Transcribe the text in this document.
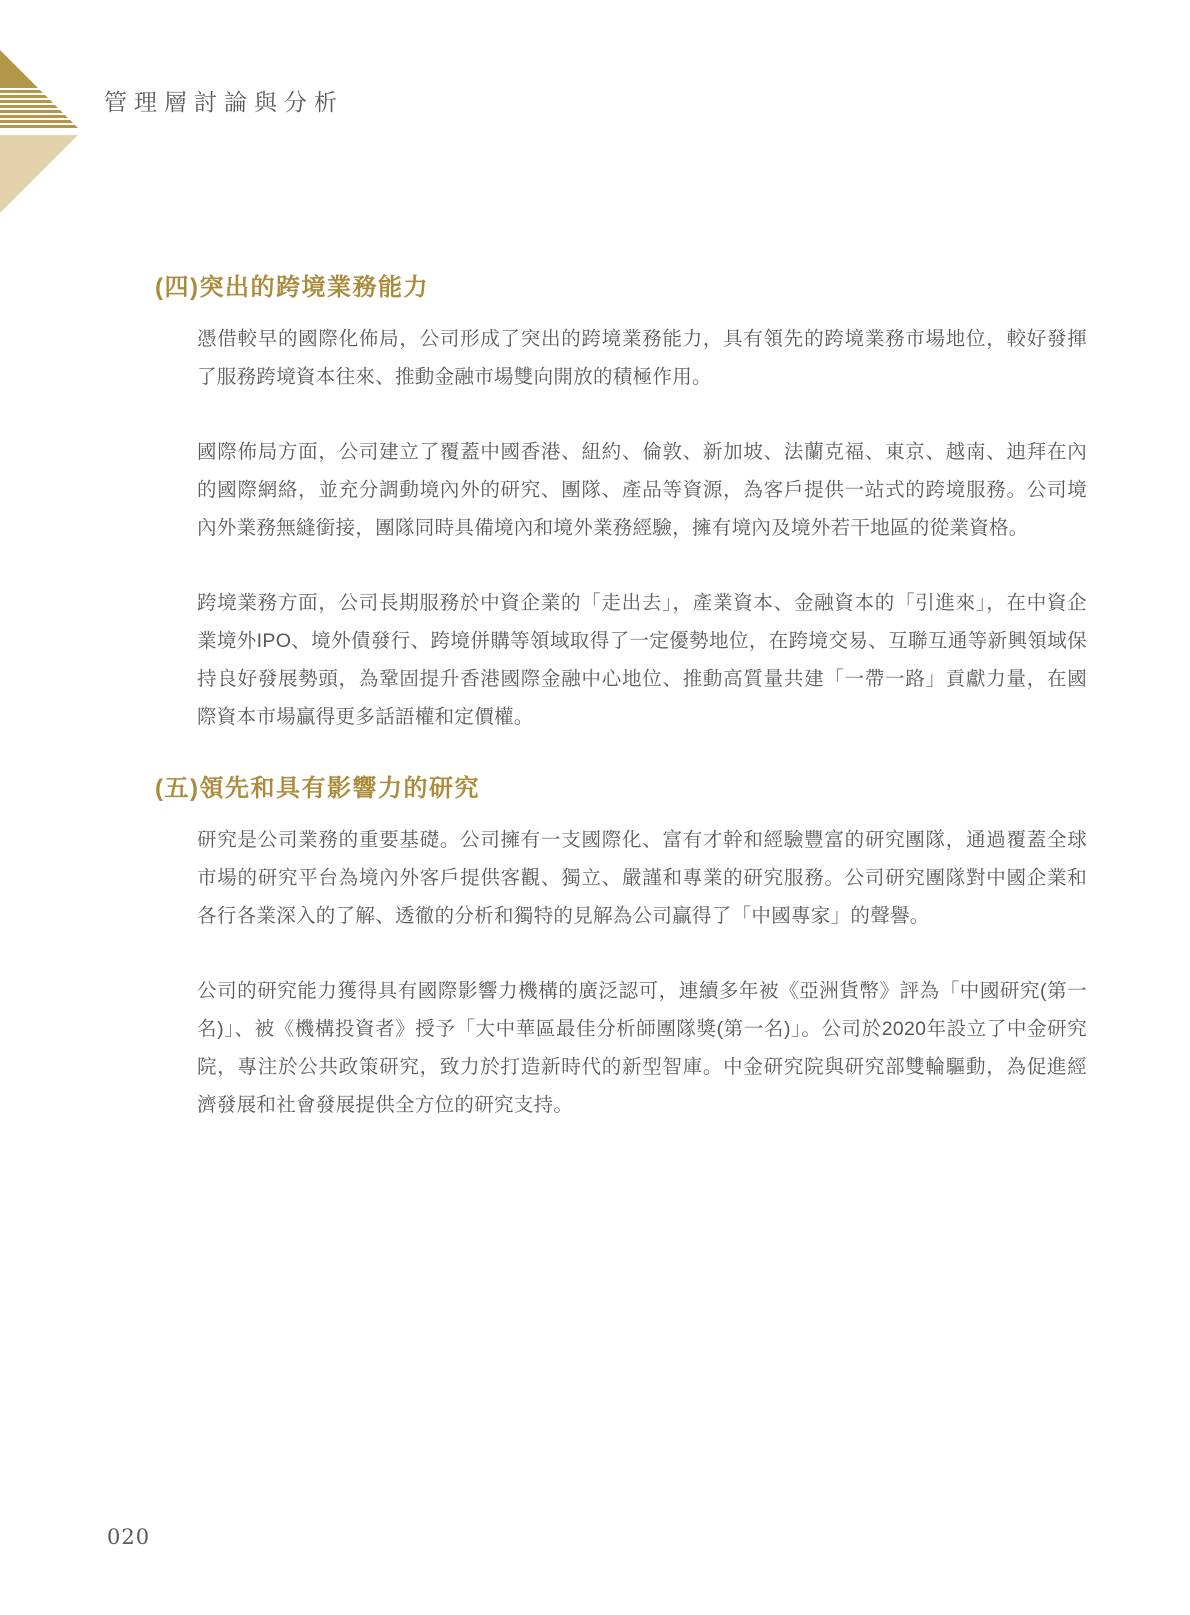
管理層討論與分析
(四)突出的跨境業務能力

憑借較早的國際化佈局，公司形成了突出的跨境業務能力，具有領先的跨境業務市場地位，較好發揮了服務跨境資本往來、推動金融市場雙向開放的積極作用。

國際佈局方面，公司建立了覆蓋中國香港、紐約、倫敦、新加坡、法蘭克福、東京、越南、迪拜在內的國際網絡，並充分調動境內外的研究、團隊、產品等資源，為客戶提供一站式的跨境服務。公司境內外業務無縫銜接，團隊同時具備境內和境外業務經驗，擁有境內及境外若干地區的從業資格。

跨境業務方面，公司長期服務於中資企業的「走出去」，產業資本、金融資本的「引進來」，在中資企業境外IPO、境外債發行、跨境併購等領域取得了一定優勢地位，在跨境交易、互聯互通等新興領域保持良好發展勢頭，為鞏固提升香港國際金融中心地位、推動高質量共建「一帶一路」貢獻力量，在國際資本市場贏得更多話語權和定價權。

(五)領先和具有影響力的研究

研究是公司業務的重要基礎。公司擁有一支國際化、富有才幹和經驗豐富的研究團隊，通過覆蓋全球市場的研究平台為境內外客戶提供客觀、獨立、嚴謹和專業的研究服務。公司研究團隊對中國企業和各行各業深入的了解、透徹的分析和獨特的見解為公司贏得了「中國專家」的聲譽。

公司的研究能力獲得具有國際影響力機構的廣泛認可，連續多年被《亞洲貨幣》評為「中國研究(第一名)」、被《機構投資者》授予「大中華區最佳分析師團隊獎(第一名)」。公司於2020年設立了中金研究院，專注於公共政策研究，致力於打造新時代的新型智庫。中金研究院與研究部雙輪驅動，為促進經濟發展和社會發展提供全方位的研究支持。

020
